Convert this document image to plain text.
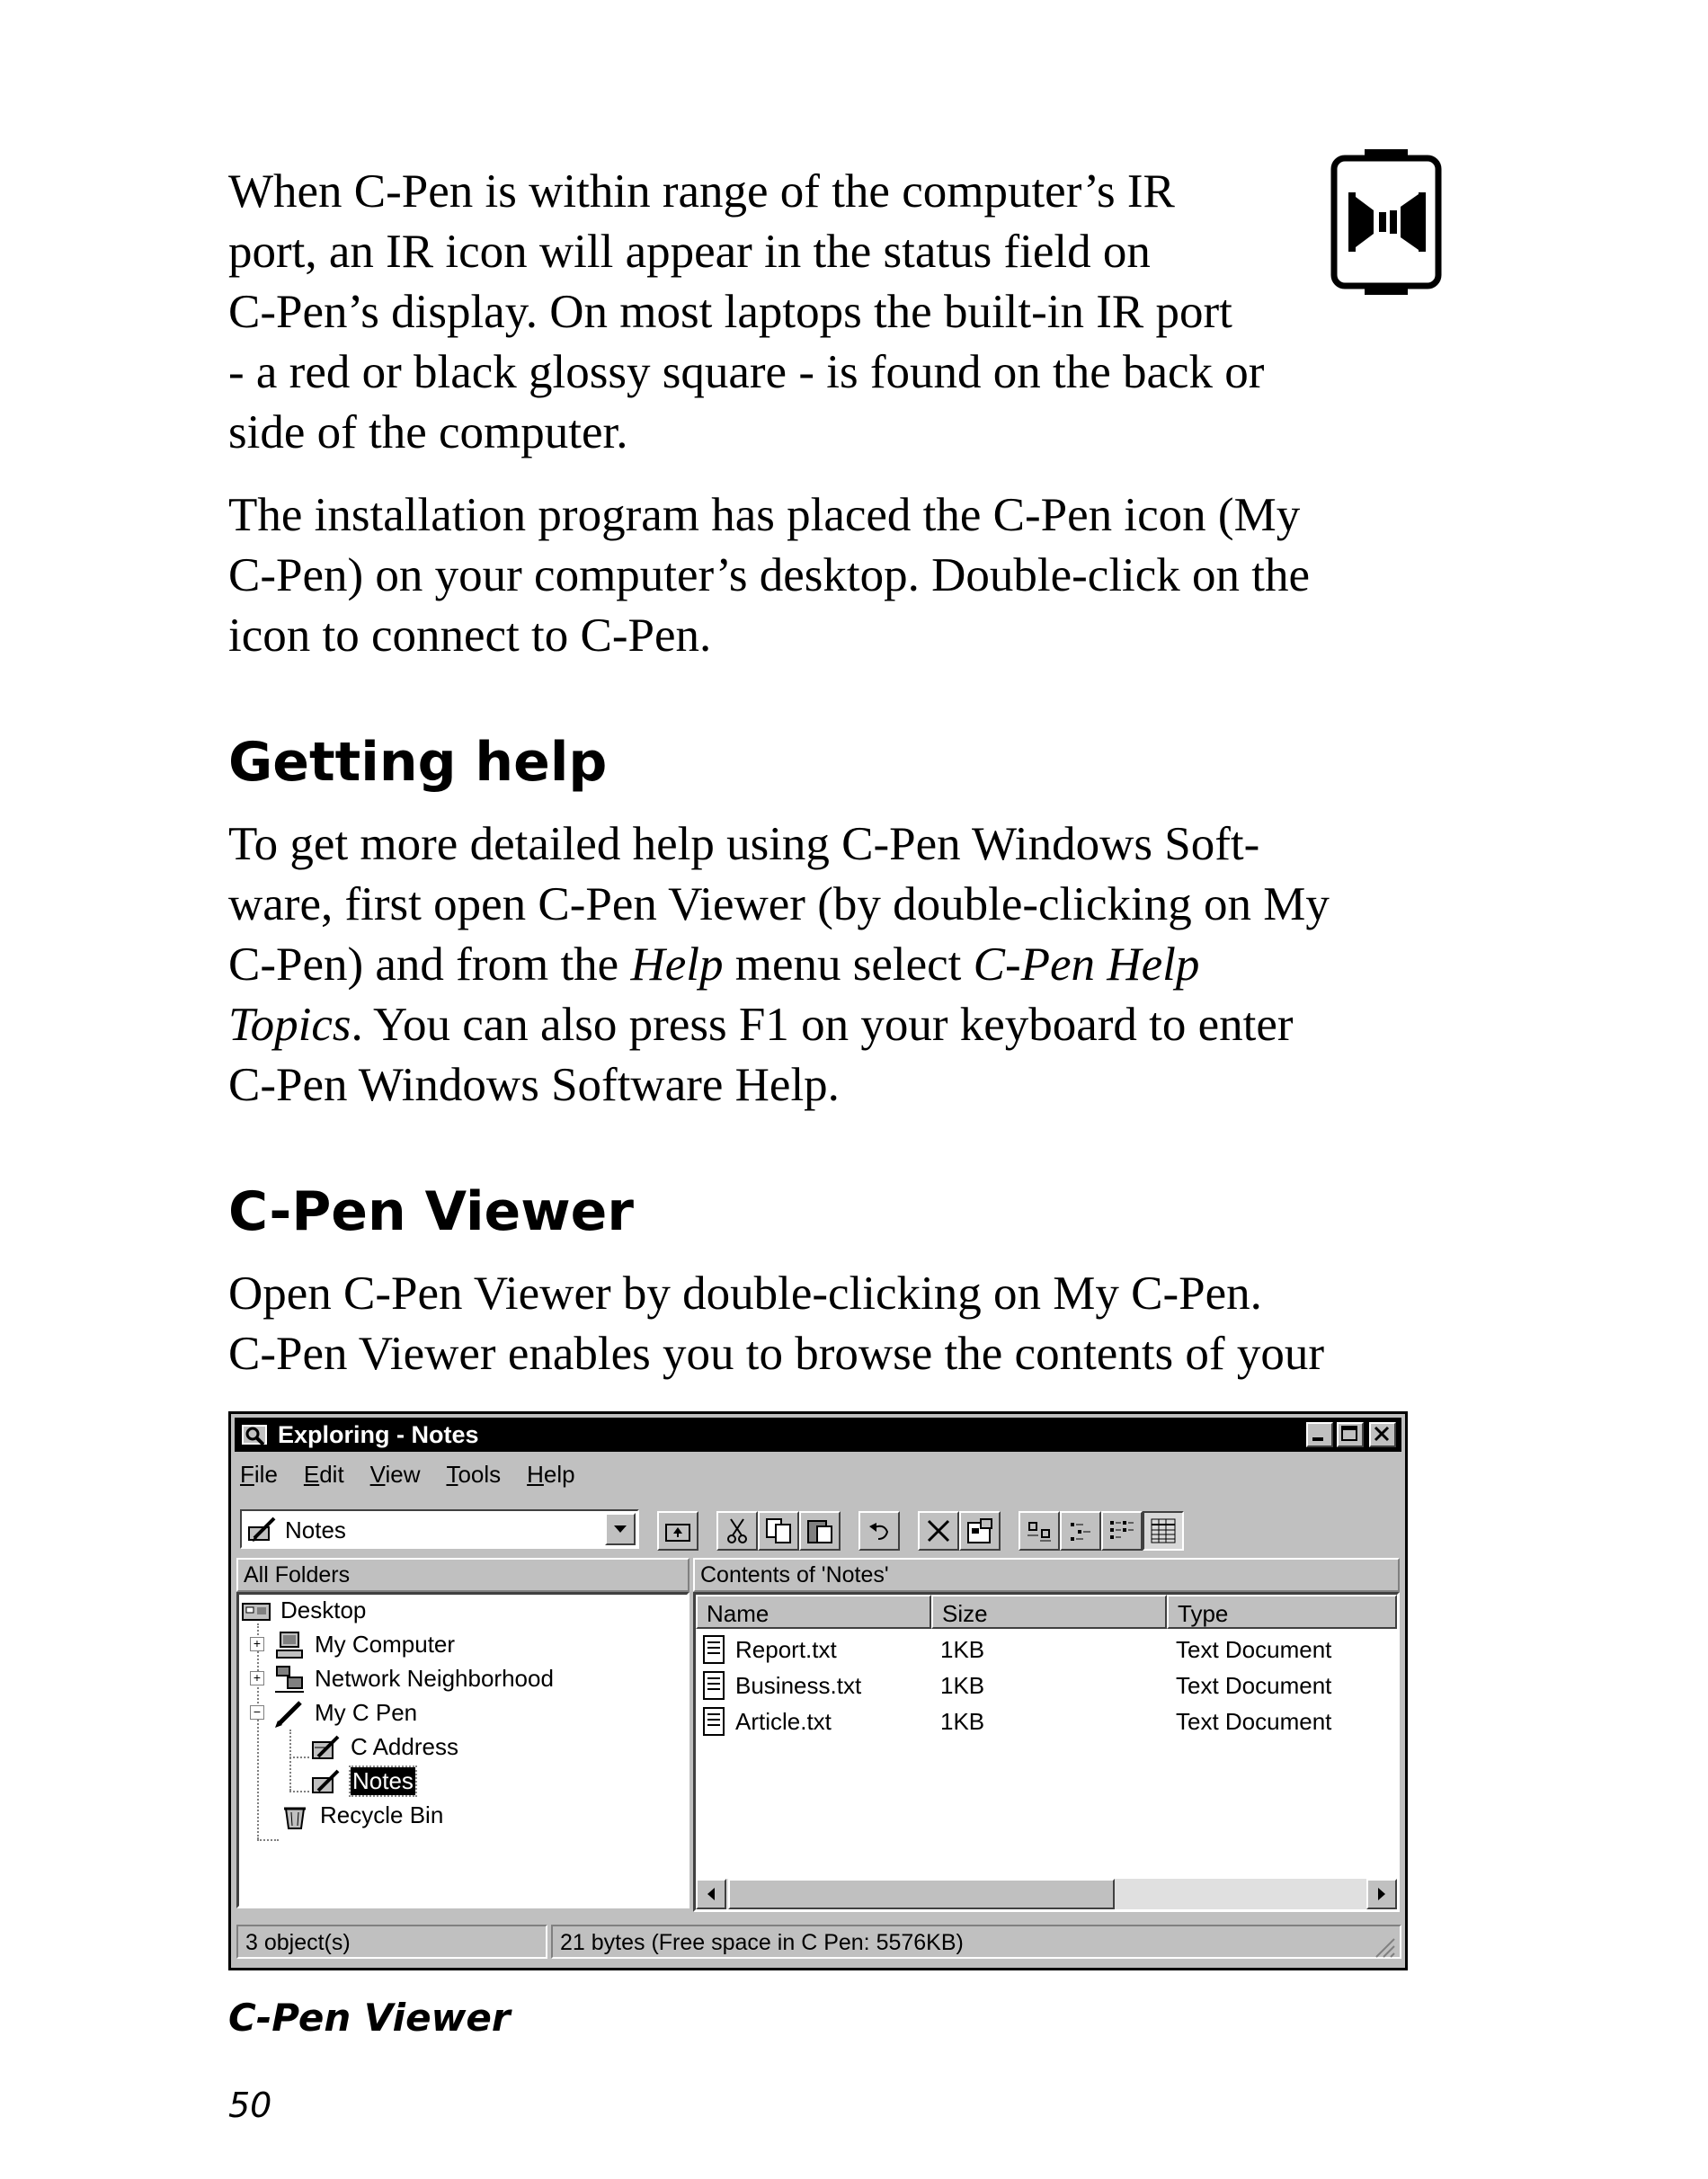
When C-Pen is within range of the computer’s IR
port, an IR icon will appear in the status field on
C-Pen’s display. On most laptops the built-in IR port
- a red or black glossy square - is found on the back or
side of the computer.

The installation program has placed the C-Pen icon (My
C-Pen) on your computer’s desktop. Double-click on the
icon to connect to C-Pen.

Getting help

To get more detailed help using C-Pen Windows Soft-
ware, first open C-Pen Viewer (by double-clicking on My
C-Pen) and from the Help menu select C-Pen Help
Topics. You can also press F1 on your keyboard to enter
C-Pen Windows Software Help.

C-Pen Viewer

Open C-Pen Viewer by double-clicking on My C-Pen.
C-Pen Viewer enables you to browse the contents of your

Exploring - Notes
File Edit View Tools Help
Notes
All Folders	Contents of 'Notes'
Desktop
+ My Computer
+ Network Neighborhood
− My C Pen
C Address
Notes
Recycle Bin
Name	Size	Type
Report.txt	1KB	Text Document
Business.txt	1KB	Text Document
Article.txt	1KB	Text Document
3 object(s)	21 bytes (Free space in C Pen: 5576KB)
C-Pen Viewer
50
